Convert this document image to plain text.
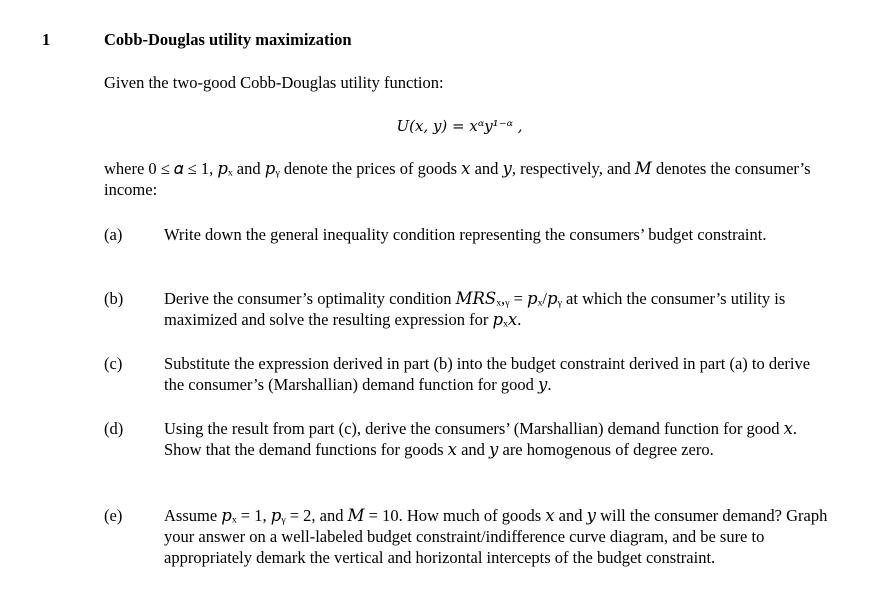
1	Cobb-Douglas utility maximization
Given the two-good Cobb-Douglas utility function:
𝑈(𝑥, 𝑦) = 𝑥ᵅ𝑦¹⁻ᵅ ,
where 0 ≤ 𝛼 ≤ 1, 𝑝ₓ and 𝑝ᵧ denote the prices of goods 𝑥 and 𝑦, respectively, and 𝑀 denotes the consumer’s income:
(a)	Write down the general inequality condition representing the consumers’ budget constraint.
(b) Derive the consumer’s optimality condition 𝑀𝑅𝑆ₓ,ᵧ = 𝑝ₓ/𝑝ᵧ at which the consumer’s utility is maximized and solve the resulting expression for 𝑝ₓ𝑥.
(c)	Substitute the expression derived in part (b) into the budget constraint derived in part (a) to derive the consumer’s (Marshallian) demand function for good 𝑦.
(d) Using the result from part (c), derive the consumers’ (Marshallian) demand function for good 𝑥. Show that the demand functions for goods 𝑥 and 𝑦 are homogenous of degree zero.
(e)	Assume 𝑝ₓ = 1, 𝑝ᵧ = 2, and 𝑀 = 10. How much of goods 𝑥 and 𝑦 will the consumer demand? Graph your answer on a well-labeled budget constraint/indifference curve diagram, and be sure to appropriately demark the vertical and horizontal intercepts of the budget constraint.
